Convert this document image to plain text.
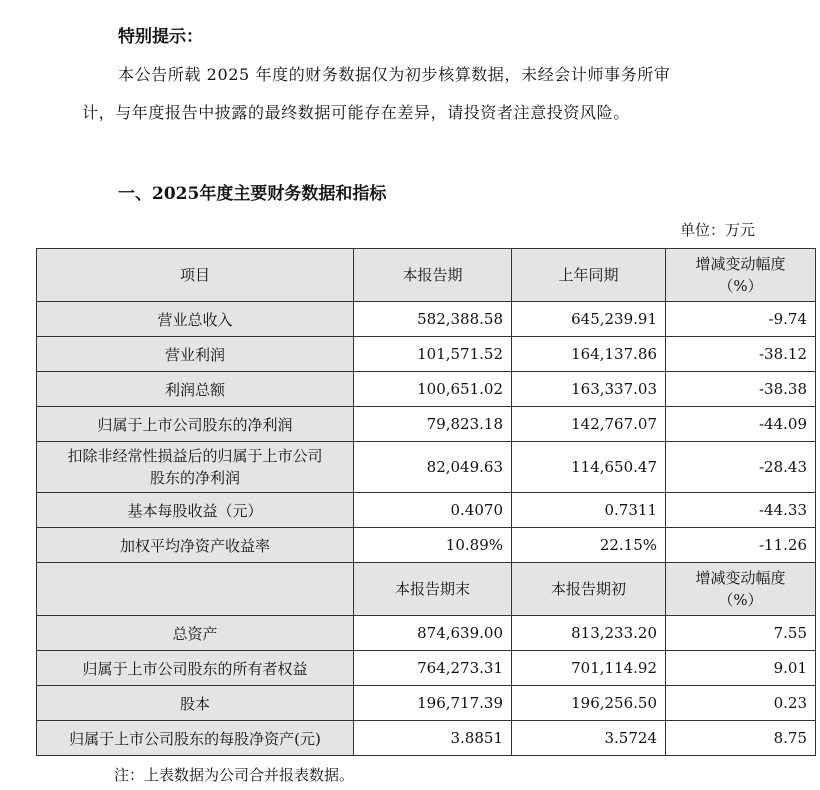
特别提示：
本公告所载 2025 年度的财务数据仅为初步核算数据，未经会计师事务所审
计，与年度报告中披露的最终数据可能存在差异，请投资者注意投资风险。
一、2025年度主要财务数据和指标
单位：万元
项目	本报告期	上年同期	增减变动幅度
（%）

营业总收入	582,388.58	645,239.91	-9.74
营业利润	101,571.52	164,137.86	-38.12
利润总额	100,651.02	163,337.03	-38.38
归属于上市公司股东的净利润	79,823.18	142,767.07	-44.09

扣除非经常性损益后的归属于上市公司
股东的净利润	82,049.63	114,650.47	-28.43
基本每股收益（元）	0.4070	0.7311	-44.33
加权平均净资产收益率	10.89%	22.15%	-11.26
	本报告期末	本报告期初	增减变动幅度
（%）

总资产	874,639.00	813,233.20	7.55
归属于上市公司股东的所有者权益	764,273.31	701,114.92	9.01
股本	196,717.39	196,256.50	0.23
归属于上市公司股东的每股净资产(元)	3.8851	3.5724	8.75
注：上表数据为公司合并报表数据。
